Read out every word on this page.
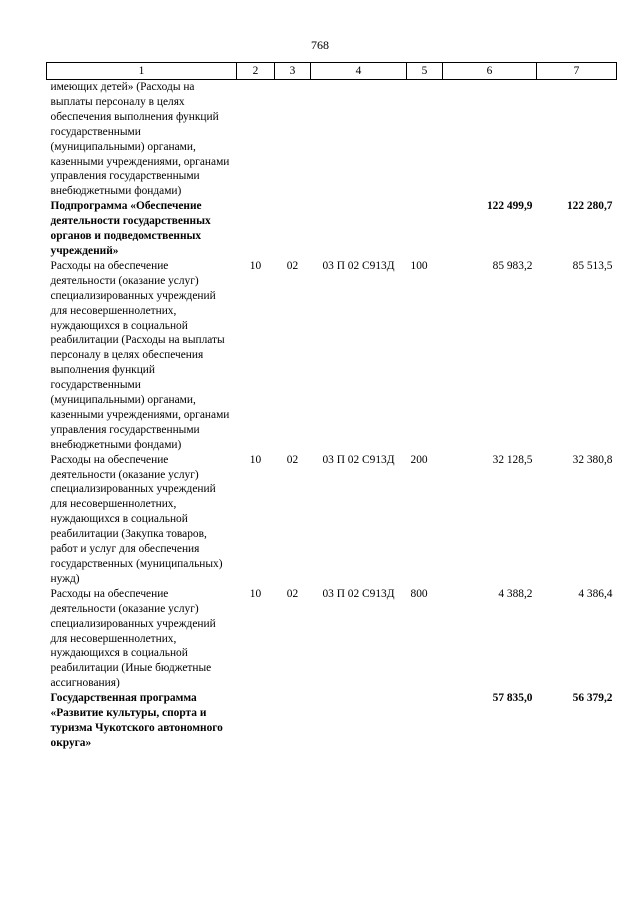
768
1	2	3	4	5	6	7
имеющих детей» (Расходы на выплаты персоналу в целях обеспечения выполнения функций государственными (муниципальными) органами, казенными учреждениями, органами управления государственными внебюджетными фондами)						
Подпрограмма «Обеспечение деятельности государственных органов и подведомственных учреждений»					122 499,9	122 280,7
Расходы на обеспечение деятельности (оказание услуг) специализированных учреждений для несовершеннолетних, нуждающихся в социальной реабилитации (Расходы на выплаты персоналу в целях обеспечения выполнения функций государственными (муниципальными) органами, казенными учреждениями, органами управления государственными внебюджетными фондами)	10	02	03 П 02 С913Д	100	85 983,2	85 513,5
Расходы на обеспечение деятельности (оказание услуг) специализированных учреждений для несовершеннолетних, нуждающихся в социальной реабилитации (Закупка товаров, работ и услуг для обеспечения государственных (муниципальных) нужд)	10	02	03 П 02 С913Д	200	32 128,5	32 380,8
Расходы на обеспечение деятельности (оказание услуг) специализированных учреждений для несовершеннолетних, нуждающихся в социальной реабилитации (Иные бюджетные ассигнования)	10	02	03 П 02 С913Д	800	4 388,2	4 386,4
Государственная программа «Развитие культуры, спорта и туризма Чукотского автономного округа»					57 835,0	56 379,2
